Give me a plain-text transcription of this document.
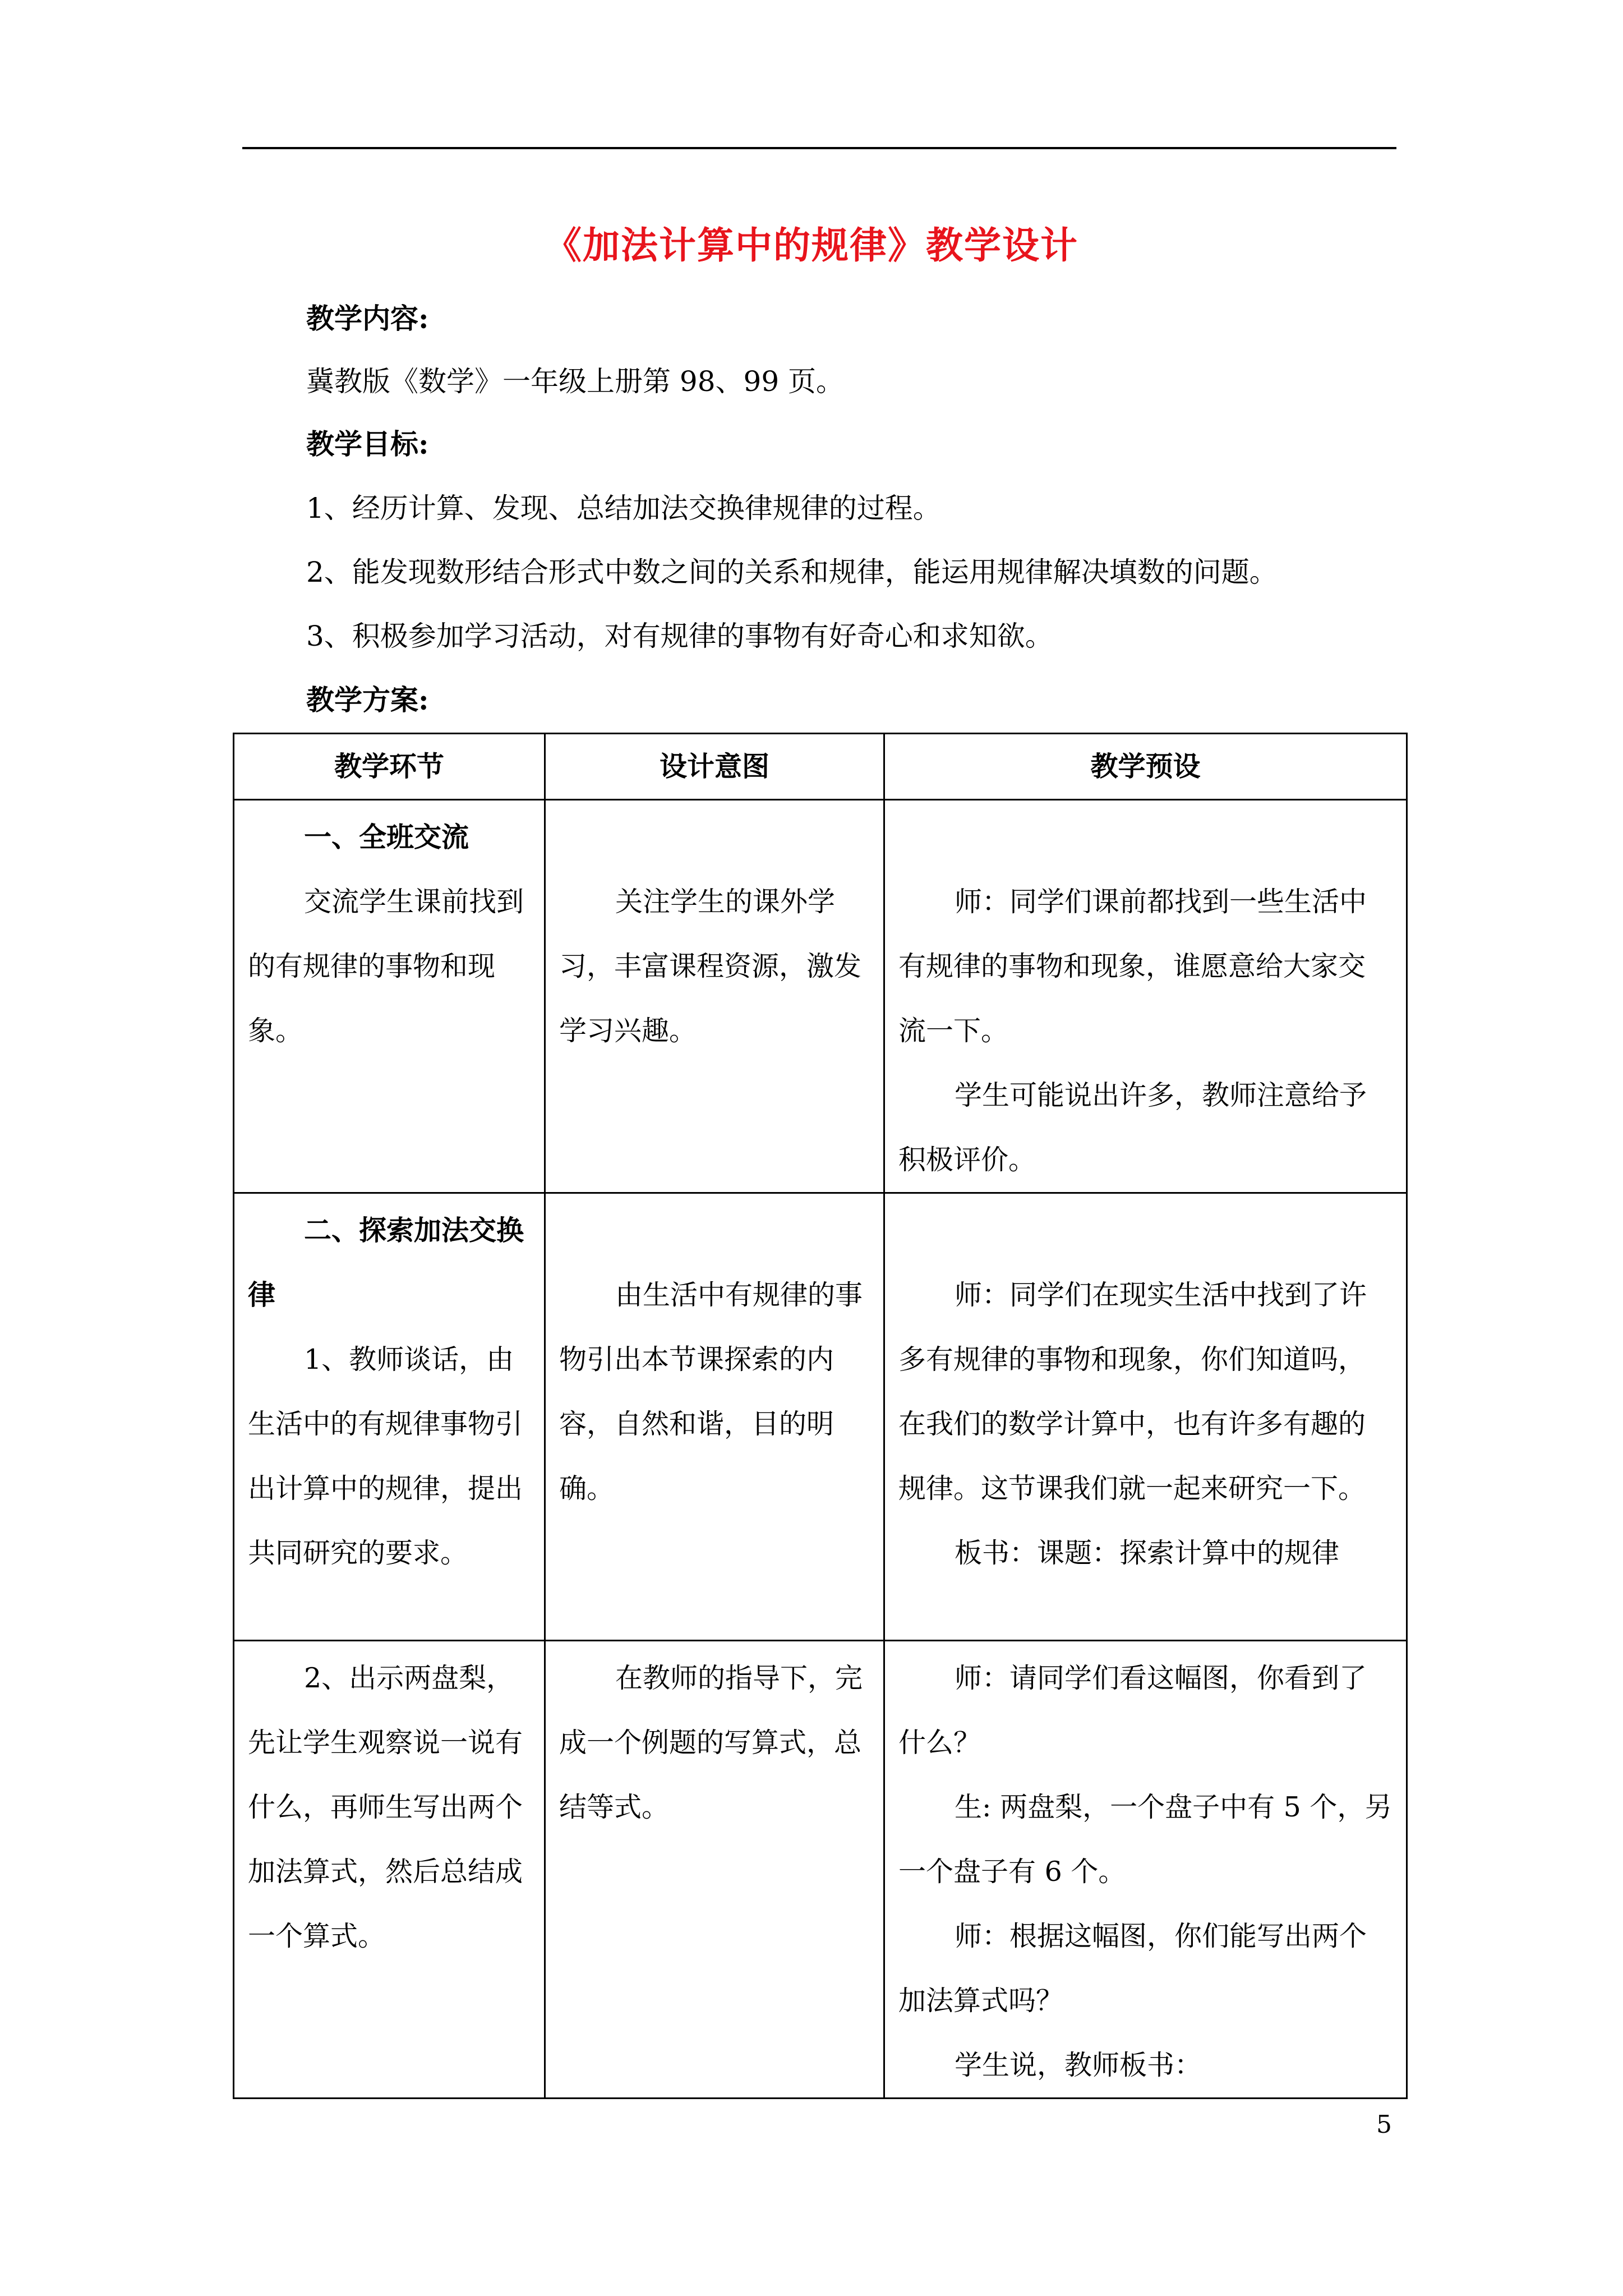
《加法计算中的规律》教学设计
教学内容:
冀教版《数学》一年级上册第 98、99 页。
教学目标:
1、经历计算、发现、总结加法交换律规律的过程。
2、能发现数形结合形式中数之间的关系和规律，能运用规律解决填数的问题。
3、积极参加学习活动，对有规律的事物有好奇心和求知欲。
教学方案:
教学环节	设计意图	教学预设

一、全班交流
交流学生课前找到的有规律的事物和现象。	关注学生的课外学习，丰富课程资源，激发学习兴趣。	师：同学们课前都找到一些生活中有规律的事物和现象，谁愿意给大家交流一下。
学生可能说出许多，教师注意给予积极评价。

二、探索加法交换律
1、教师谈话，由生活中的有规律事物引出计算中的规律，提出共同研究的要求。	由生活中有规律的事物引出本节课探索的内容，自然和谐，目的明确。	师：同学们在现实生活中找到了许多有规律的事物和现象，你们知道吗，在我们的数学计算中，也有许多有趣的规律。这节课我们就一起来研究一下。
板书：课题：探索计算中的规律

2、出示两盘梨，先让学生观察说一说有什么，再师生写出两个加法算式，然后总结成一个算式。	在教师的指导下，完成一个例题的写算式，总结等式。	师：请同学们看这幅图，你看到了什么？
生: 两盘梨，一个盘子中有 5 个，另一个盘子有 6 个。
师：根据这幅图，你们能写出两个加法算式吗？
学生说，教师板书：
5
